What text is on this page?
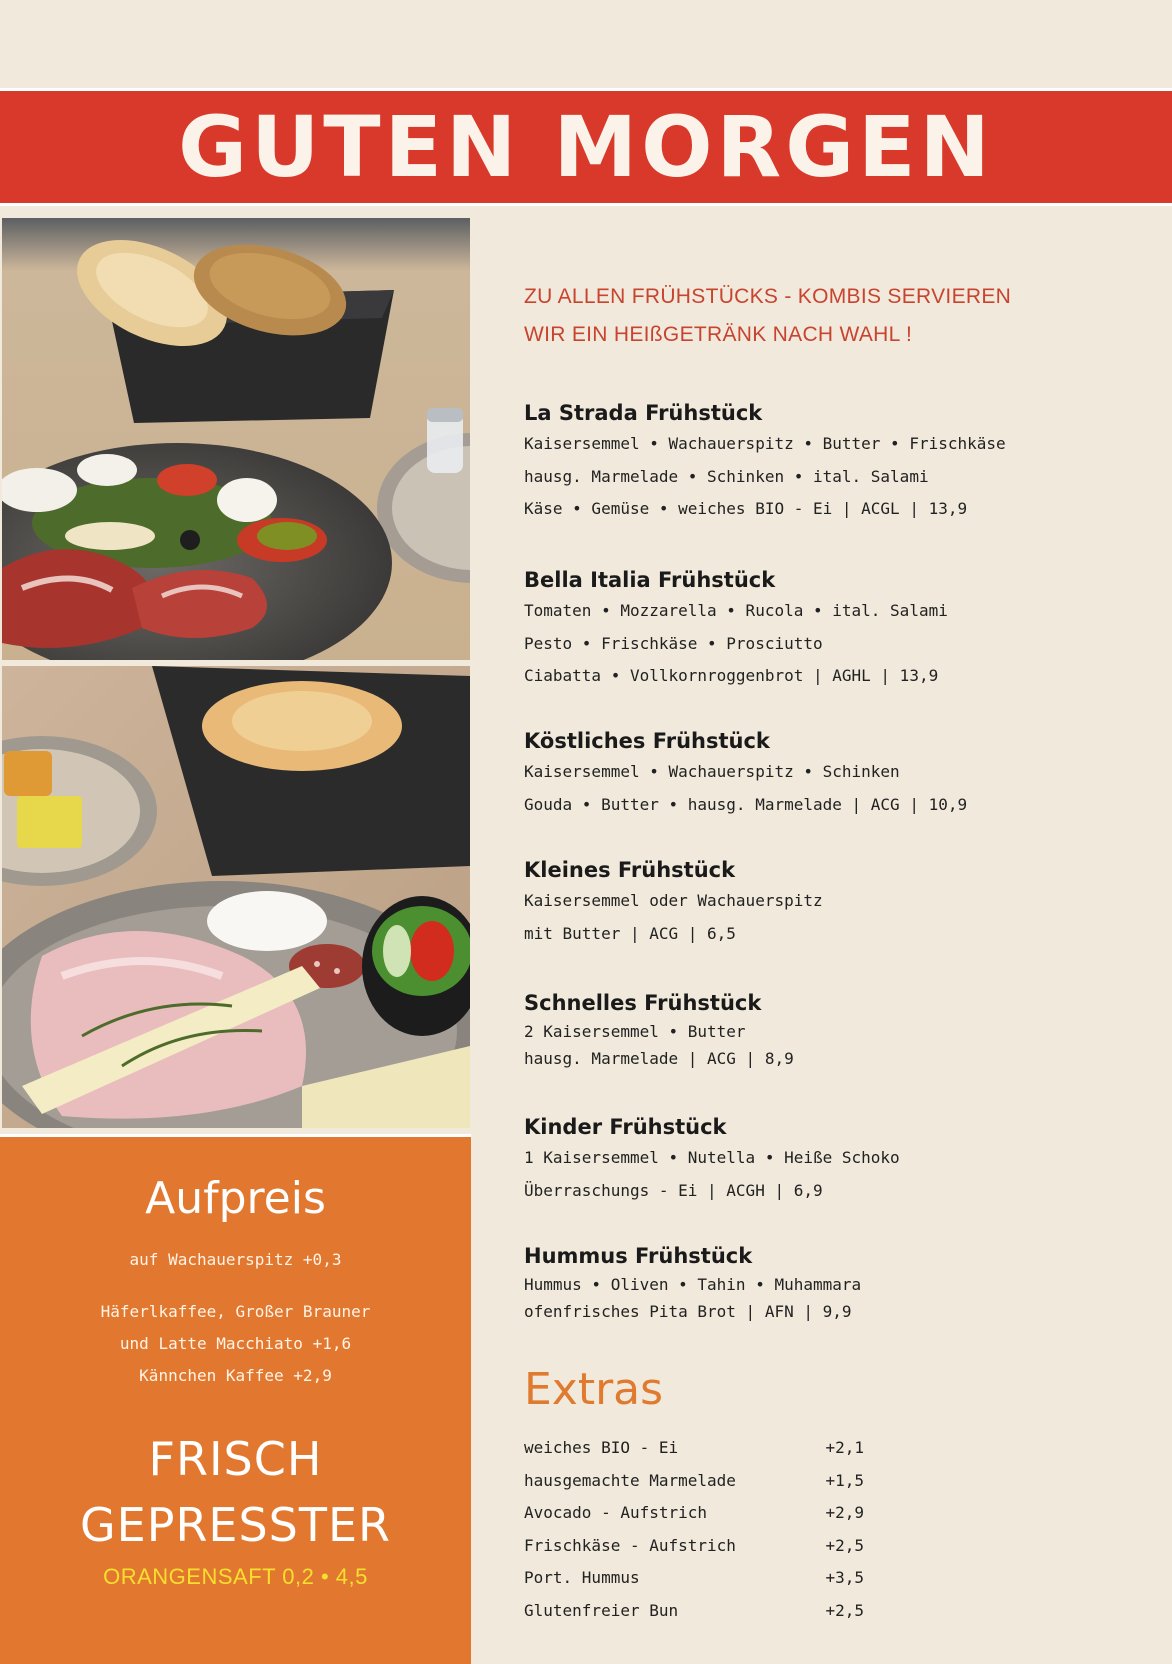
GUTEN MORGEN
Aufpreis
auf Wachauerspitz +0,3
Häferlkaffee, Großer Brauner
und Latte Macchiato +1,6
Kännchen Kaffee +2,9
FRISCH
GEPRESSTER
ORANGENSAFT 0,2 • 4,5
ZU ALLEN FRÜHSTÜCKS - KOMBIS SERVIEREN
WIR EIN HEIßGETRÄNK NACH WAHL !
La Strada Frühstück
Kaisersemmel • Wachauerspitz • Butter • Frischkäse
hausg. Marmelade • Schinken • ital. Salami
Käse • Gemüse • weiches BIO - Ei | ACGL | 13,9
Bella Italia Frühstück
Tomaten • Mozzarella • Rucola • ital. Salami
Pesto • Frischkäse • Prosciutto
Ciabatta • Vollkornroggenbrot | AGHL | 13,9
Köstliches Frühstück
Kaisersemmel • Wachauerspitz • Schinken
Gouda • Butter • hausg. Marmelade | ACG | 10,9
Kleines Frühstück
Kaisersemmel oder Wachauerspitz
mit Butter | ACG | 6,5
Schnelles Frühstück
2 Kaisersemmel • Butter
hausg. Marmelade | ACG | 8,9
Kinder Frühstück
1 Kaisersemmel • Nutella • Heiße Schoko
Überraschungs - Ei | ACGH | 6,9
Hummus Frühstück
Hummus • Oliven • Tahin • Muhammara
ofenfrisches Pita Brot | AFN | 9,9
Extras
weiches BIO - Ei	+2,1
hausgemachte Marmelade	+1,5
Avocado - Aufstrich	+2,9
Frischkäse - Aufstrich	+2,5
Port. Hummus	+3,5
Glutenfreier Bun	+2,5
